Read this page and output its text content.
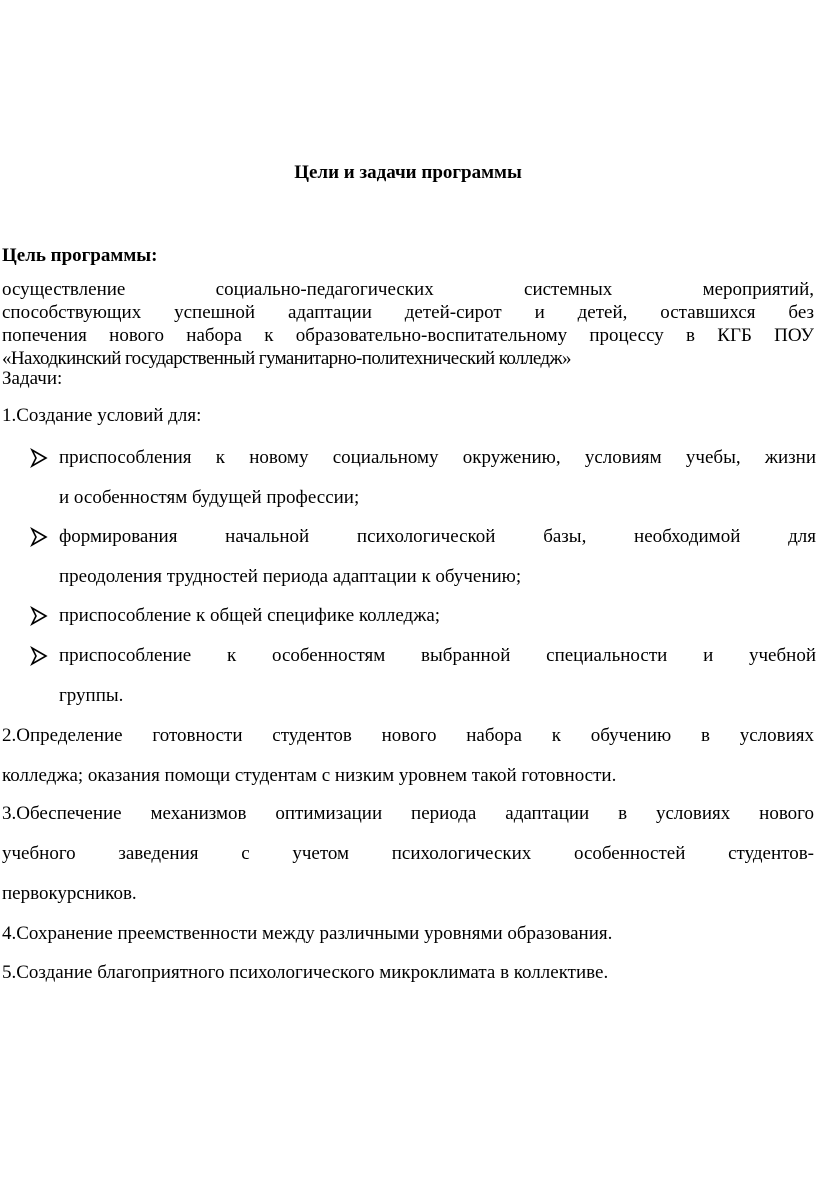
Цели и задачи программы
Цель программы:
осуществление социально-педагогических системных мероприятий,
способствующих успешной адаптации детей-сирот и детей, оставшихся без
попечения нового набора к образовательно-воспитательному процессу в КГБ ПОУ
«Находкинский государственный гуманитарно-политехнический колледж»

Задачи:

1.Создание условий для:
приспособления к новому социальному окружению, условиям учебы, жизни
и особенностям будущей профессии;
формирования начальной психологической базы, необходимой для
преодоления трудностей периода адаптации к обучению;
приспособление к общей специфике колледжа;
приспособление к особенностям выбранной специальности и учебной
группы.
2.Определение готовности студентов нового набора к обучению в условиях
колледжа; оказания помощи студентам с низким уровнем такой готовности.
3.Обеспечение механизмов оптимизации периода адаптации в условиях нового
учебного заведения с учетом психологических особенностей студентов-
первокурсников.
4.Сохранение преемственности между различными уровнями образования.
5.Создание благоприятного психологического микроклимата в коллективе.
